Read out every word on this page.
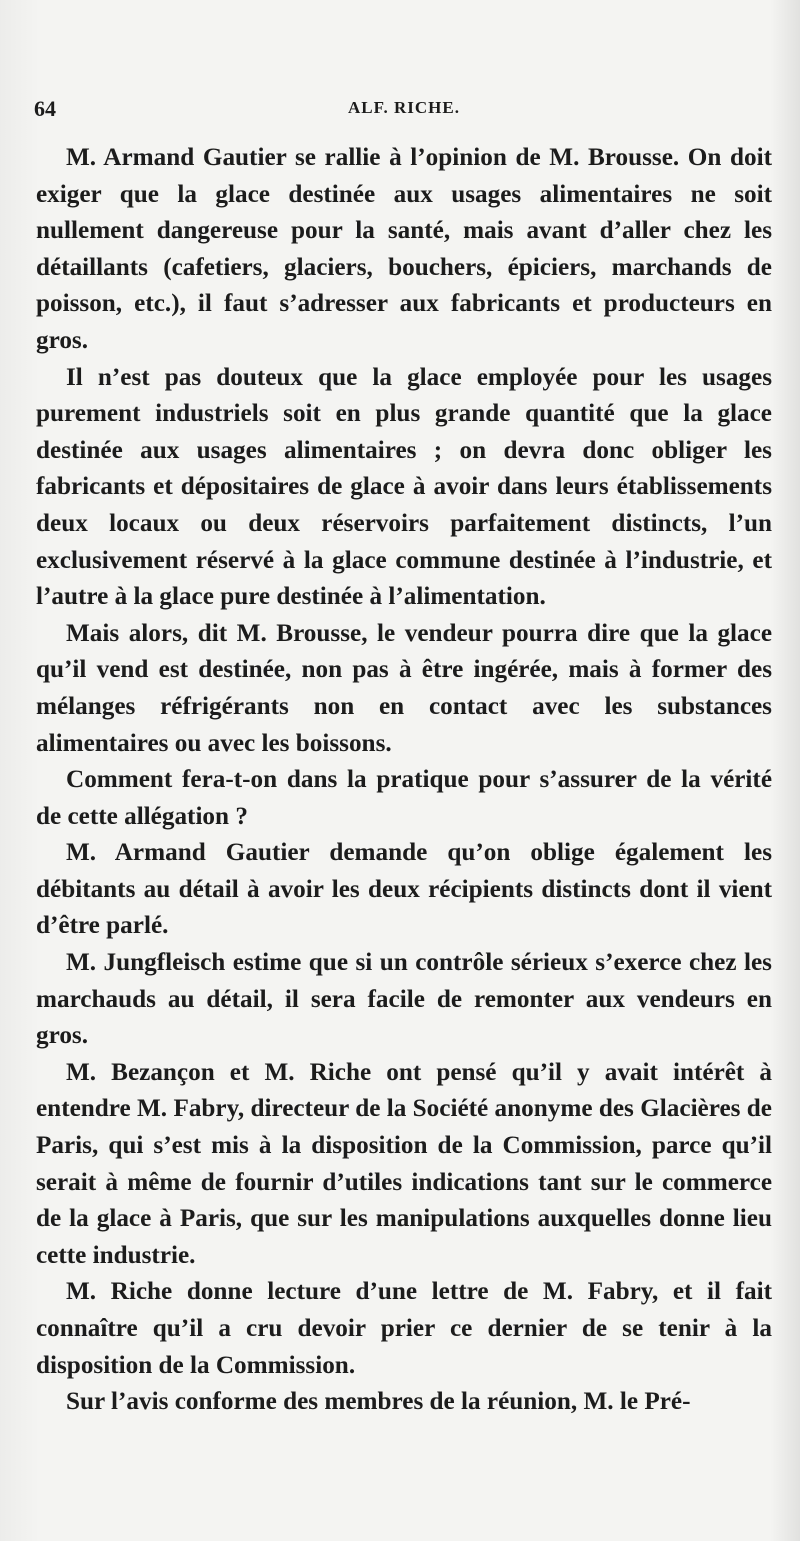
64	ALF. RICHE.

M. Armand Gautier se rallie à l’opinion de M. Brousse. On doit exiger que la glace destinée aux usages alimentaires ne soit nullement dangereuse pour la santé, mais avant d’aller chez les détaillants (cafetiers, glaciers, bouchers, épiciers, marchands de poisson, etc.), il faut s’adresser aux fabricants et producteurs en gros.

Il n’est pas douteux que la glace employée pour les usages purement industriels soit en plus grande quantité que la glace destinée aux usages alimentaires ; on devra donc obliger les fabricants et dépositaires de glace à avoir dans leurs établissements deux locaux ou deux réservoirs parfaitement distincts, l’un exclusivement réservé à la glace commune destinée à l’industrie, et l’autre à la glace pure destinée à l’alimentation.

Mais alors, dit M. Brousse, le vendeur pourra dire que la glace qu’il vend est destinée, non pas à être ingérée, mais à former des mélanges réfrigérants non en contact avec les substances alimentaires ou avec les boissons.

Comment fera-t-on dans la pratique pour s’assurer de la vérité de cette allégation ?

M. Armand Gautier demande qu’on oblige également les débitants au détail à avoir les deux récipients distincts dont il vient d’être parlé.

M. Jungfleisch estime que si un contrôle sérieux s’exerce chez les marchauds au détail, il sera facile de remonter aux vendeurs en gros.

M. Bezançon et M. Riche ont pensé qu’il y avait intérêt à entendre M. Fabry, directeur de la Société anonyme des Glacières de Paris, qui s’est mis à la disposition de la Commission, parce qu’il serait à même de fournir d’utiles indications tant sur le commerce de la glace à Paris, que sur les manipulations auxquelles donne lieu cette industrie.

M. Riche donne lecture d’une lettre de M. Fabry, et il fait connaître qu’il a cru devoir prier ce dernier de se tenir à la disposition de la Commission.

Sur l’avis conforme des membres de la réunion, M. le Pré-
